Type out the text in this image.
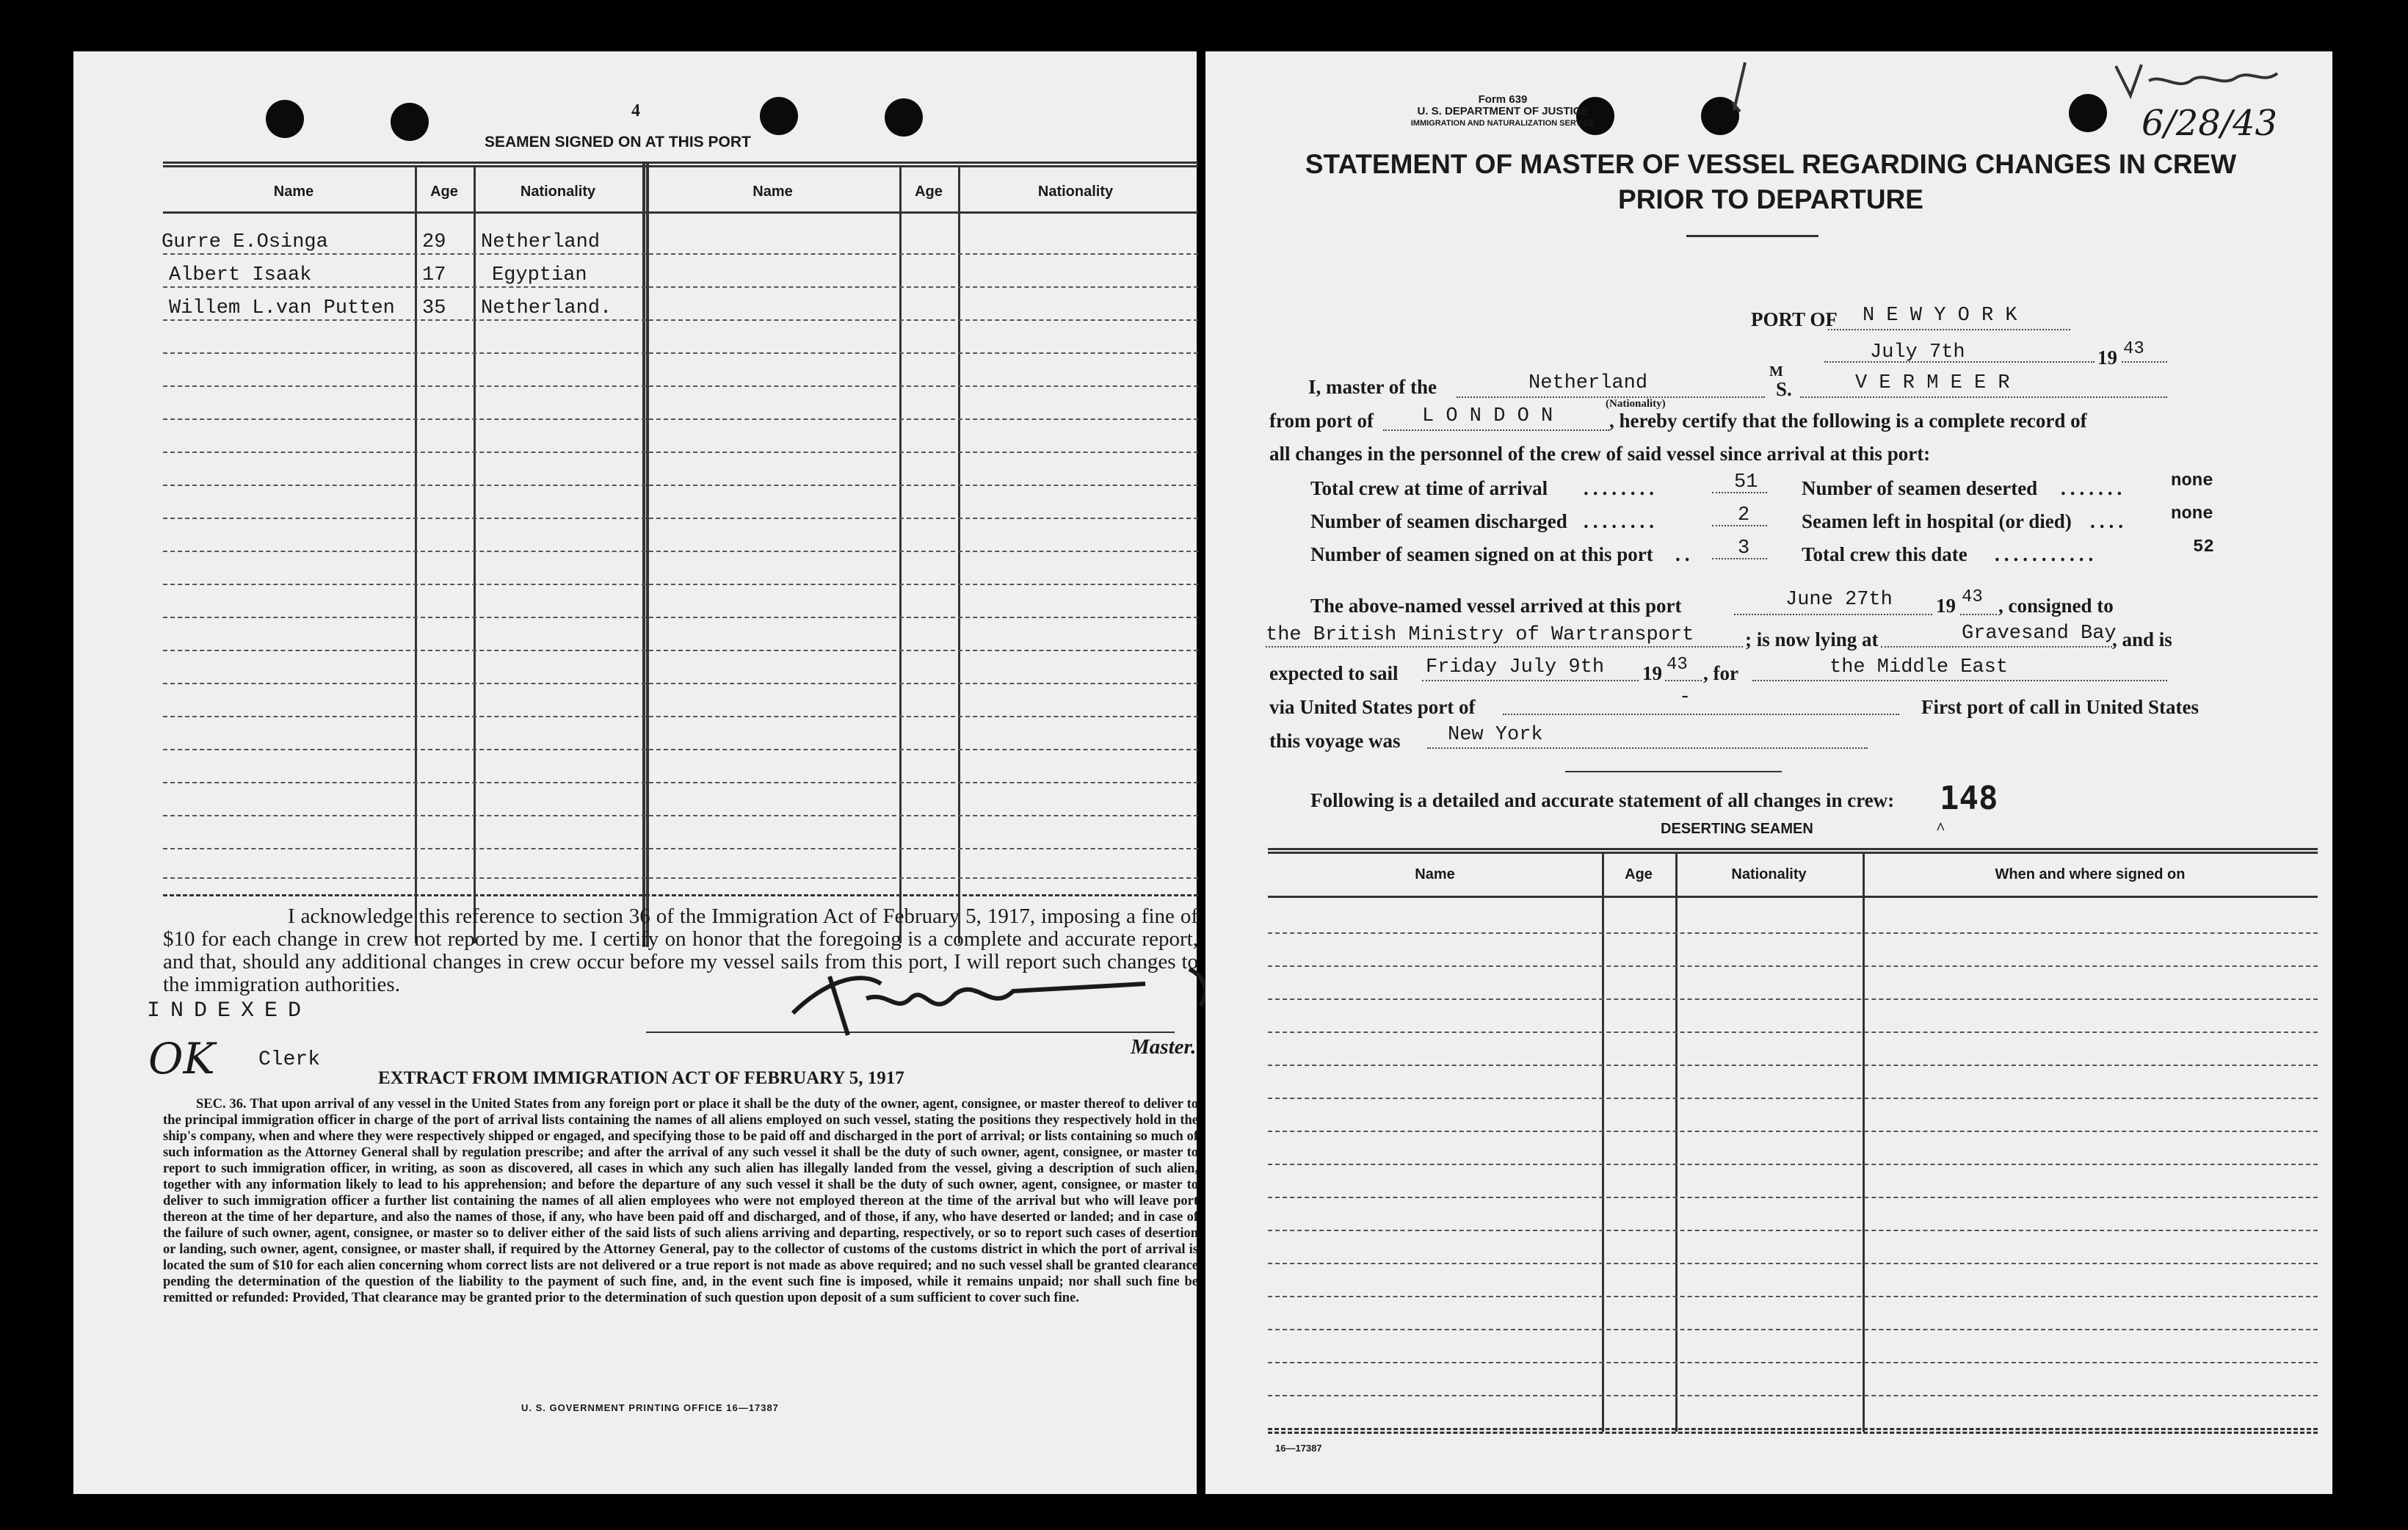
4
SEAMEN SIGNED ON AT THIS PORT
Name	Age	Nationality	Name	Age	Nationality
Gurre E.Osinga	29 Netherland
Albert Isaak	17 Egyptian
Willem L.van Putten 35 Netherland.
I acknowledge this reference to section 36 of the Immigration Act of February 5, 1917, imposing a fine of $10 for each change in crew not reported by me. I certify on honor that the foregoing is a complete and accurate report, and that, should any additional changes in crew occur before my vessel sails from this port, I will report such changes to the immigration authorities.
INDEXED
OK Clerk
Master.
EXTRACT FROM IMMIGRATION ACT OF FEBRUARY 5, 1917
SEC. 36. That upon arrival of any vessel in the United States from any foreign port or place it shall be the duty of the owner, agent, consignee, or master thereof to deliver to the principal immigration officer in charge of the port of arrival lists containing the names of all aliens employed on such vessel, stating the positions they respectively hold in the ship's company, when and where they were respectively shipped or engaged, and specifying those to be paid off and discharged in the port of arrival; or lists containing so much of such information as the Attorney General shall by regulation prescribe; and after the arrival of any such vessel it shall be the duty of such owner, agent, consignee, or master to report to such immigration officer, in writing, as soon as discovered, all cases in which any such alien has illegally landed from the vessel, giving a description of such alien, together with any information likely to lead to his apprehension; and before the departure of any such vessel it shall be the duty of such owner, agent, consignee, or master to deliver to such immigration officer a further list containing the names of all alien employees who were not employed thereon at the time of the arrival but who will leave port thereon at the time of her departure, and also the names of those, if any, who have been paid off and discharged, and of those, if any, who have deserted or landed; and in case of the failure of such owner, agent, consignee, or master so to deliver either of the said lists of such aliens arriving and departing, respectively, or so to report such cases of desertion or landing, such owner, agent, consignee, or master shall, if required by the Attorney General, pay to the collector of customs of the customs district in which the port of arrival is located the sum of $10 for each alien concerning whom correct lists are not delivered or a true report is not made as above required; and no such vessel shall be granted clearance pending the determination of the question of the liability to the payment of such fine, and, in the event such fine is imposed, while it remains unpaid; nor shall such fine be remitted or refunded: Provided, That clearance may be granted prior to the determination of such question upon deposit of a sum sufficient to cover such fine.
U. S. GOVERNMENT PRINTING OFFICE 16—17387
Form 639
U. S. DEPARTMENT OF JUSTICE
IMMIGRATION AND NATURALIZATION SERVICE	6/28/43
STATEMENT OF MASTER OF VESSEL REGARDING CHANGES IN CREW
PRIOR TO DEPARTURE
PORT OF N E W Y O R K
July 7th	19 43
I, master of the	Netherland
(Nationality)
M
S.	V E R M E E R
from port of L O N D O N	, hereby certify that the following is a complete record of
all changes in the personnel of the crew of said vessel since arrival at this port:
Total crew at time of arrival ........	51 Number of seamen deserted .......	none
Number of seamen discharged ........	2	Seamen left in hospital (or died) .... none
Number of seamen signed on at this port .. 3	Total crew this date ...........	52
The above-named vessel arrived at this port	June 27th 19 43 , consigned to
the British Ministry of Wartransport	; is now lying at	Gravesand Bay
, and is
expected to sail Friday July 9th 19 43 , for	the Middle East
via United States port of	-	First port of call in United States
this voyage was New York
Following is a detailed and accurate statement of all changes in crew: 148
DESERTING SEAMEN	^
Name	Age	Nationality	When and where signed on
16—17387
